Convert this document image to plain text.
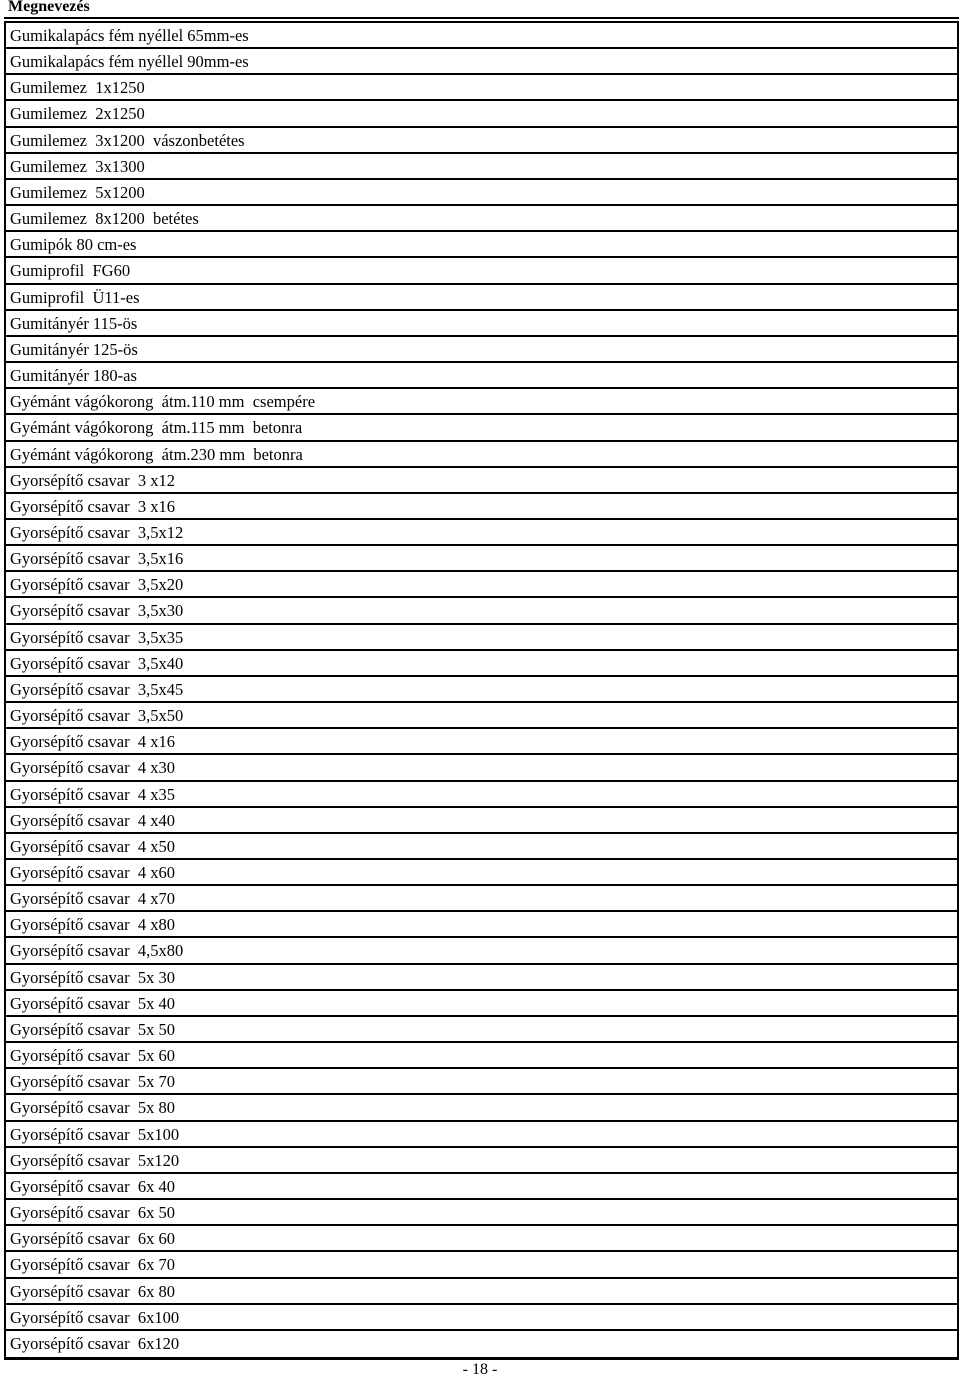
Megnevezés
Gumikalapács fém nyéllel 65mm-es
Gumikalapács fém nyéllel 90mm-es
Gumilemez  1x1250
Gumilemez  2x1250
Gumilemez  3x1200  vászonbetétes
Gumilemez  3x1300
Gumilemez  5x1200
Gumilemez  8x1200  betétes
Gumipók 80 cm-es
Gumiprofil  FG60
Gumiprofil  Ü11-es
Gumitányér 115-ös
Gumitányér 125-ös
Gumitányér 180-as
Gyémánt vágókorong  átm.110 mm  csempére
Gyémánt vágókorong  átm.115 mm  betonra
Gyémánt vágókorong  átm.230 mm  betonra
Gyorsépítő csavar  3 x12
Gyorsépítő csavar  3 x16
Gyorsépítő csavar  3,5x12
Gyorsépítő csavar  3,5x16
Gyorsépítő csavar  3,5x20
Gyorsépítő csavar  3,5x30
Gyorsépítő csavar  3,5x35
Gyorsépítő csavar  3,5x40
Gyorsépítő csavar  3,5x45
Gyorsépítő csavar  3,5x50
Gyorsépítő csavar  4 x16
Gyorsépítő csavar  4 x30
Gyorsépítő csavar  4 x35
Gyorsépítő csavar  4 x40
Gyorsépítő csavar  4 x50
Gyorsépítő csavar  4 x60
Gyorsépítő csavar  4 x70
Gyorsépítő csavar  4 x80
Gyorsépítő csavar  4,5x80
Gyorsépítő csavar  5x 30
Gyorsépítő csavar  5x 40
Gyorsépítő csavar  5x 50
Gyorsépítő csavar  5x 60
Gyorsépítő csavar  5x 70
Gyorsépítő csavar  5x 80
Gyorsépítő csavar  5x100
Gyorsépítő csavar  5x120
Gyorsépítő csavar  6x 40
Gyorsépítő csavar  6x 50
Gyorsépítő csavar  6x 60
Gyorsépítő csavar  6x 70
Gyorsépítő csavar  6x 80
Gyorsépítő csavar  6x100
Gyorsépítő csavar  6x120
- 18 -
